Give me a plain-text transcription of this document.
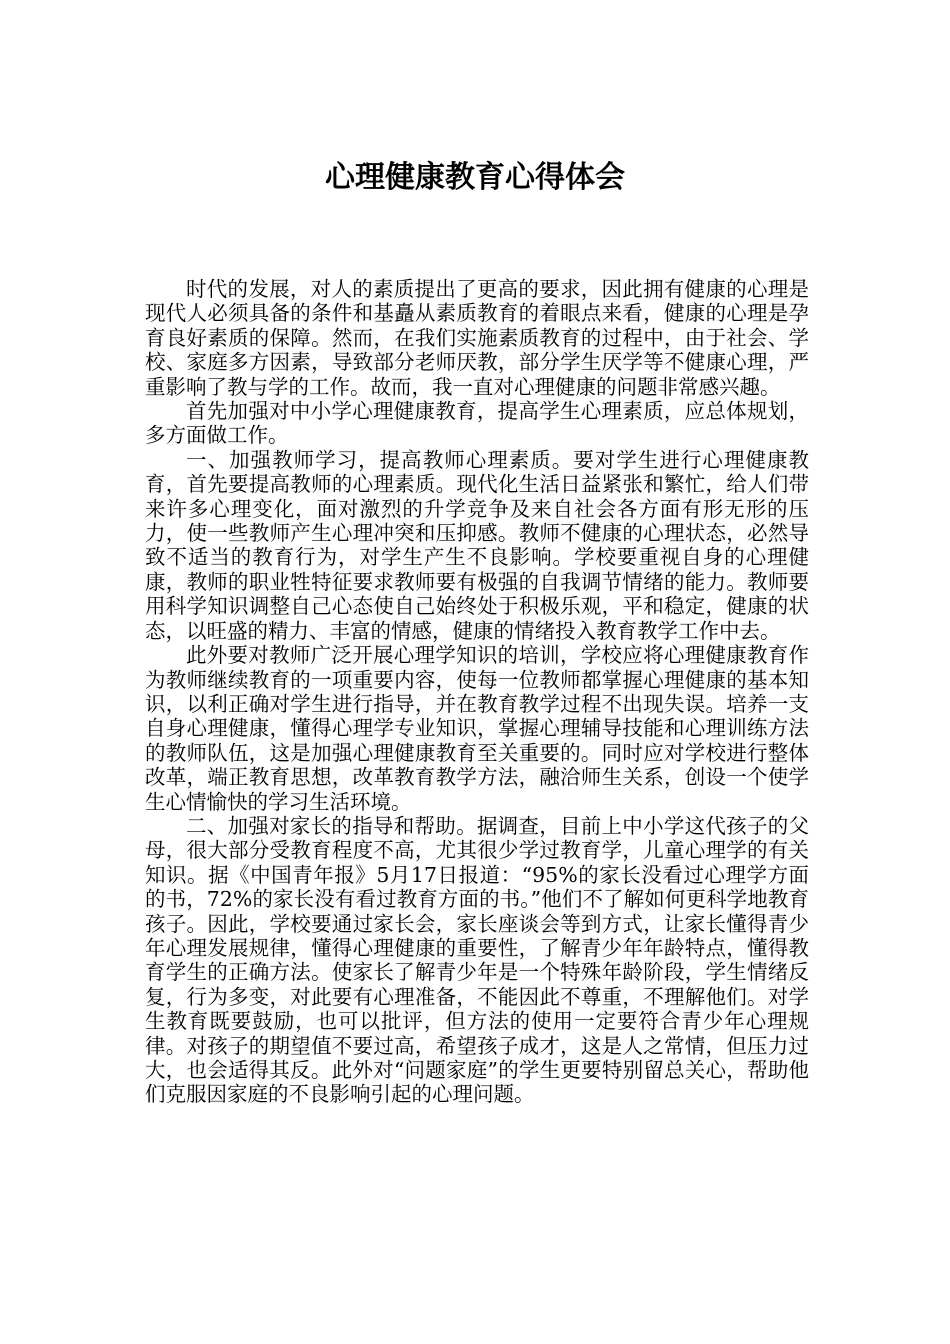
心理健康教育心得体会

时代的发展，对人的素质提出了更高的要求，因此拥有健康的心理是现代人必须具备的条件和基矗从素质教育的着眼点来看，健康的心理是孕育良好素质的保障。然而，在我们实施素质教育的过程中，由于社会、学校、家庭多方因素，导致部分老师厌教，部分学生厌学等不健康心理，严重影响了教与学的工作。故而，我一直对心理健康的问题非常感兴趣。

首先加强对中小学心理健康教育，提高学生心理素质，应总体规划，多方面做工作。

一、加强教师学习，提高教师心理素质。要对学生进行心理健康教育，首先要提高教师的心理素质。现代化生活日益紧张和繁忙，给人们带来许多心理变化，面对激烈的升学竞争及来自社会各方面有形无形的压力，使一些教师产生心理冲突和压抑感。教师不健康的心理状态，必然导致不适当的教育行为，对学生产生不良影响。学校要重视自身的心理健康，教师的职业牲特征要求教师要有极强的自我调节情绪的能力。教师要用科学知识调整自己心态使自己始终处于积极乐观，平和稳定，健康的状态，以旺盛的精力、丰富的情感，健康的情绪投入教育教学工作中去。

此外要对教师广泛开展心理学知识的培训，学校应将心理健康教育作为教师继续教育的一项重要内容，使每一位教师都掌握心理健康的基本知识，以利正确对学生进行指导，并在教育教学过程不出现失误。培养一支自身心理健康，懂得心理学专业知识，掌握心理辅导技能和心理训练方法的教师队伍，这是加强心理健康教育至关重要的。同时应对学校进行整体改革，端正教育思想，改革教育教学方法，融洽师生关系，创设一个使学生心情愉快的学习生活环境。

二、加强对家长的指导和帮助。据调查，目前上中小学这代孩子的父母，很大部分受教育程度不高，尤其很少学过教育学，儿童心理学的有关知识。据《中国青年报》5月17日报道：“95%的家长没看过心理学方面的书，72%的家长没有看过教育方面的书。”他们不了解如何更科学地教育孩子。因此，学校要通过家长会，家长座谈会等到方式，让家长懂得青少年心理发展规律，懂得心理健康的重要性，了解青少年年龄特点，懂得教育学生的正确方法。使家长了解青少年是一个特殊年龄阶段，学生情绪反复，行为多变，对此要有心理准备，不能因此不尊重，不理解他们。对学生教育既要鼓励，也可以批评，但方法的使用一定要符合青少年心理规律。对孩子的期望值不要过高，希望孩子成才，这是人之常情，但压力过大，也会适得其反。此外对“问题家庭”的学生更要特别留总关心，帮助他们克服因家庭的不良影响引起的心理问题。
